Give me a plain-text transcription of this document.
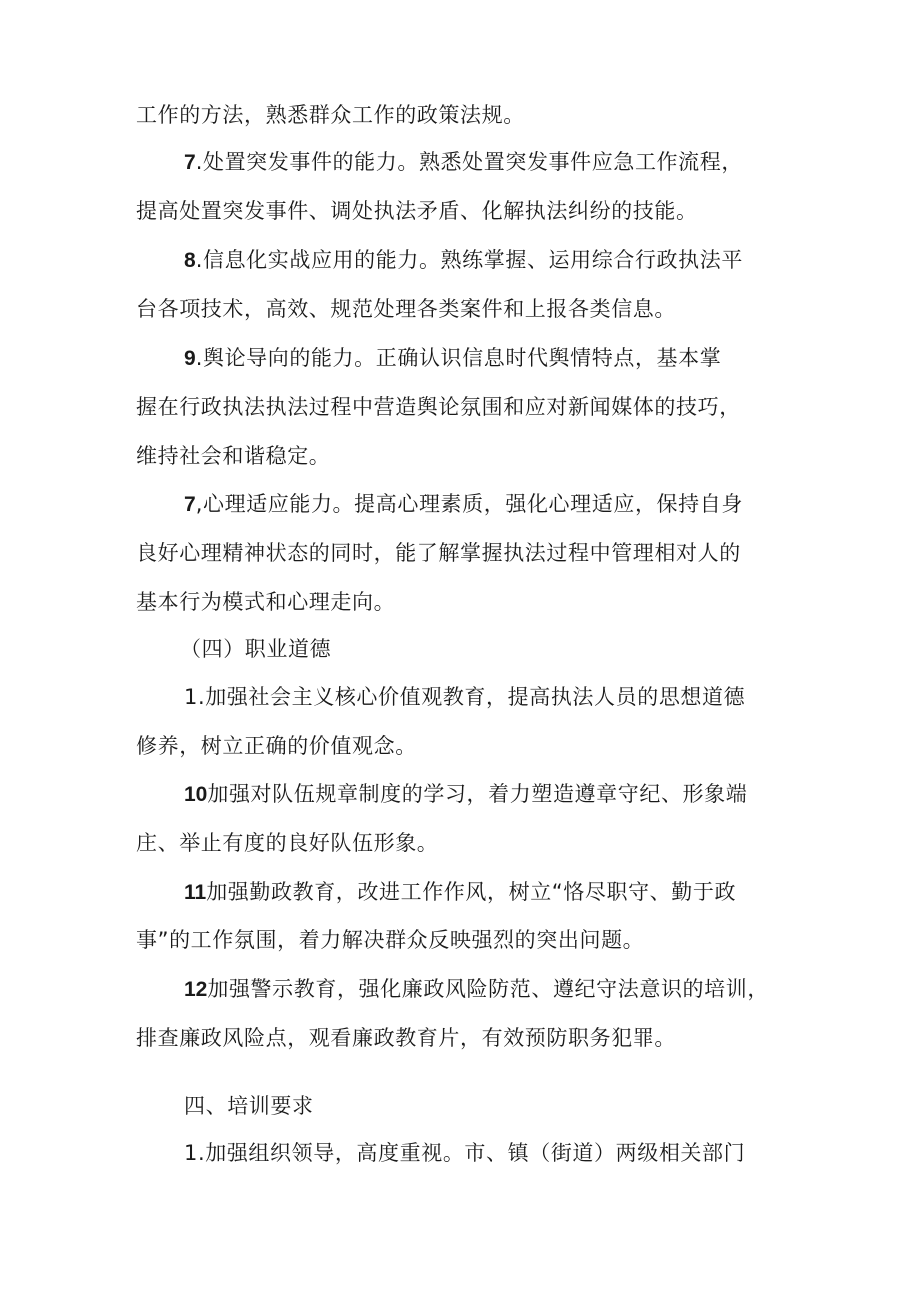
工作的方法，熟悉群众工作的政策法规。
7.处置突发事件的能力。熟悉处置突发事件应急工作流程，
提高处置突发事件、调处执法矛盾、化解执法纠纷的技能。
8.信息化实战应用的能力。熟练掌握、运用综合行政执法平
台各项技术，高效、规范处理各类案件和上报各类信息。
9.舆论导向的能力。正确认识信息时代舆情特点，基本掌
握在行政执法执法过程中营造舆论氛围和应对新闻媒体的技巧，
维持社会和谐稳定。
7,心理适应能力。提高心理素质，强化心理适应，保持自身
良好心理精神状态的同时，能了解掌握执法过程中管理相对人的
基本行为模式和心理走向。
（四）职业道德
1.加强社会主义核心价值观教育，提高执法人员的思想道德
修养，树立正确的价值观念。
10加强对队伍规章制度的学习，着力塑造遵章守纪、形象端
庄、举止有度的良好队伍形象。
11加强勤政教育，改进工作作风，树立“恪尽职守、勤于政
事”的工作氛围，着力解决群众反映强烈的突出问题。
12加强警示教育，强化廉政风险防范、遵纪守法意识的培训，
排查廉政风险点，观看廉政教育片，有效预防职务犯罪。
四、培训要求
1.加强组织领导，高度重视。市、镇（街道）两级相关部门
